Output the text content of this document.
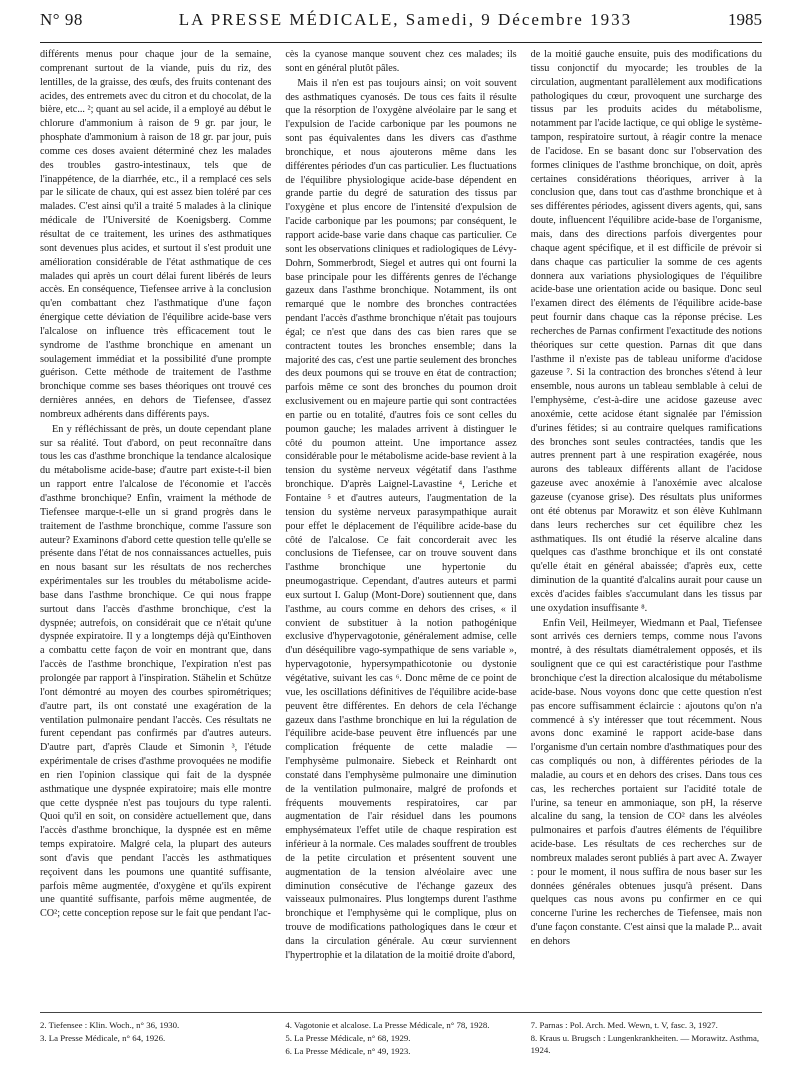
N° 98	LA PRESSE MÉDICALE, Samedi, 9 Décembre 1933	1985

différents menus pour chaque jour de la semaine, comprenant surtout de la viande, puis du riz, des lentilles, de la graisse, des œufs, des fruits contenant des acides, des entremets avec du citron et du chocolat, de la bière, etc... ²; quant au sel acide, il a employé au début le chlorure d'ammonium à raison de 9 gr. par jour, le phosphate d'ammonium à raison de 18 gr. par jour, puis comme ces doses avaient déterminé chez les malades des troubles gastro-intestinaux, tels que de l'inappétence, de la diarrhée, etc., il a remplacé ces sels par le silicate de chaux, qui est assez bien toléré par ces malades. C'est ainsi qu'il a traité 5 malades à la clinique médicale de l'Université de Koenigsberg. Comme résultat de ce traitement, les urines des asthmatiques sont devenues plus acides, et surtout il s'est produit une amélioration considérable de l'état asthmatique de ces malades qui après un court délai furent libérés de leurs accès. En conséquence, Tiefensee arrive à la conclusion qu'en combattant chez l'asthmatique d'une façon énergique cette déviation de l'équilibre acide-base vers l'alcalose on influence très efficacement tout le syndrome de l'asthme bronchique en amenant un soulagement immédiat et la possibilité d'une prompte guérison. Cette méthode de traitement de l'asthme bronchique comme ses bases théoriques ont trouvé ces dernières années, en dehors de Tiefensee, d'assez nombreux adhérents dans différents pays.

En y réfléchissant de près, un doute cependant plane sur sa réalité. Tout d'abord, on peut reconnaître dans tous les cas d'asthme bronchique la tendance alcalosique du métabolisme acide-base; d'autre part existe-t-il bien un rapport entre l'alcalose de l'économie et l'accès d'asthme bronchique? Enfin, vraiment la méthode de Tiefensee marque-t-elle un si grand progrès dans le traitement de l'asthme bronchique, comme l'assure son auteur? Examinons d'abord cette question telle qu'elle se présente dans l'état de nos connaissances actuelles, puis en nous basant sur les résultats de nos recherches expérimentales sur les troubles du métabolisme acide-base dans l'asthme bronchique. Ce qui nous frappe surtout dans l'accès d'asthme bronchique, c'est la dyspnée; autrefois, on considérait que ce n'était qu'une dyspnée expiratoire. Il y a longtemps déjà qu'Einthoven a combattu cette façon de voir en montrant que, dans l'accès de l'asthme bronchique, l'expiration n'est pas prolongée par rapport à l'inspiration. Stähelin et Schütze l'ont démontré au moyen des courbes spirométriques; d'autre part, ils ont constaté une exagération de la ventilation pulmonaire pendant l'accès. Ces résultats ne furent cependant pas confirmés par d'autres auteurs. D'autre part, d'après Claude et Simonin ³, l'étude expérimentale de crises d'asthme provoquées ne modifie en rien l'opinion classique qui fait de la dyspnée asthmatique une dyspnée expiratoire; mais elle montre que cette dyspnée n'est pas toujours du type ralenti. Quoi qu'il en soit, on considère actuellement que, dans l'accès d'asthme bronchique, la dyspnée est en même temps expiratoire. Malgré cela, la plupart des auteurs sont d'avis que pendant l'accès les asthmatiques reçoivent dans les poumons une quantité suffisante, parfois même augmentée, d'oxygène et qu'ils expirent une quantité suffisante, parfois même augmentée, de CO²; cette conception repose sur le fait que pendant l'ac-

cès la cyanose manque souvent chez ces malades; ils sont en général plutôt pâles.

Mais il n'en est pas toujours ainsi; on voit souvent des asthmatiques cyanosés. De tous ces faits il résulte que la résorption de l'oxygène alvéolaire par le sang et l'expulsion de l'acide carbonique par les poumons ne sont pas équivalentes dans les divers cas d'asthme bronchique, et nous ajouterons même dans les différentes périodes d'un cas particulier. Les fluctuations de l'équilibre physiologique acide-base dépendent en grande partie du degré de saturation des tissus par l'oxygène et plus encore de l'intensité d'expulsion de l'acide carbonique par les poumons; par conséquent, le rapport acide-base varie dans chaque cas particulier. Ce sont les observations cliniques et radiologiques de Lévy-Dohrn, Sommerbrodt, Siegel et autres qui ont fourni la base principale pour les différents genres de l'échange gazeux dans l'asthme bronchique. Notamment, ils ont remarqué que le nombre des bronches contractées pendant l'accès d'asthme bronchique n'était pas toujours égal; ce n'est que dans des cas bien rares que se contractent toutes les bronches ensemble; dans la majorité des cas, c'est une partie seulement des bronches des deux poumons qui se trouve en état de contraction; parfois même ce sont des bronches du poumon droit exclusivement ou en majeure partie qui sont contractées en partie ou en totalité, d'autres fois ce sont celles du poumon gauche; les malades arrivent à distinguer le côté du poumon atteint. Une importance assez considérable pour le métabolisme acide-base revient à la tension du système nerveux végétatif dans l'asthme bronchique. D'après Laignel-Lavastine ⁴, Leriche et Fontaine ⁵ et d'autres auteurs, l'augmentation de la tension du système nerveux parasympathique aurait pour effet le déplacement de l'équilibre acide-base du côté de l'alcalose. Ce fait concorderait avec les conclusions de Tiefensee, car on trouve souvent dans l'asthme bronchique une hypertonie du pneumogastrique. Cependant, d'autres auteurs et parmi eux surtout I. Galup (Mont-Dore) soutiennent que, dans l'asthme, au cours comme en dehors des crises, « il convient de substituer à la notion pathogénique exclusive d'hypervagotonie, généralement admise, celle d'un déséquilibre vago-sympathique de sens variable », hypervagotonie, hypersympathicotonie ou dystonie végétative, suivant les cas ⁶. Donc même de ce point de vue, les oscillations définitives de l'équilibre acide-base peuvent être différentes. En dehors de cela l'échange gazeux dans l'asthme bronchique en lui la régulation de l'équilibre acide-base peuvent être influencés par une complication fréquente de cette maladie — l'emphysème pulmonaire. Siebeck et Reinhardt ont constaté dans l'emphysème pulmonaire une diminution de la ventilation pulmonaire, malgré de profonds et fréquents mouvements respiratoires, car par augmentation de l'air résiduel dans les poumons emphysémateux l'effet utile de chaque respiration est inférieur à la normale. Ces malades souffrent de troubles de la petite circulation et présentent souvent une augmentation de la tension alvéolaire avec une diminution consécutive de l'échange gazeux des vaisseaux pulmonaires. Plus longtemps durent l'asthme bronchique et l'emphysème qui le complique, plus on trouve de modifications pathologiques dans le cœur et dans la circulation générale. Au cœur surviennent l'hypertrophie et la dilatation de la moitié droite d'abord,

de la moitié gauche ensuite, puis des modifications du tissu conjonctif du myocarde; les troubles de la circulation, augmentant parallèlement aux modifications pathologiques du cœur, provoquent une surcharge des tissus par les produits acides du métabolisme, notamment par l'acide lactique, ce qui oblige le système-tampon, respiratoire surtout, à réagir contre la menace de l'acidose. En se basant donc sur l'observation des formes cliniques de l'asthme bronchique, on doit, après certaines considérations théoriques, arriver à la conclusion que, dans tout cas d'asthme bronchique et à ses différentes périodes, agissent divers agents, qui, sans doute, influencent l'équilibre acide-base de l'organisme, mais, dans des directions parfois divergentes pour chaque agent spécifique, et il est difficile de prévoir si dans chaque cas particulier la somme de ces agents donnera aux variations physiologiques de l'équilibre acide-base une orientation acide ou basique. Donc seul l'examen direct des éléments de l'équilibre acide-base peut fournir dans chaque cas la réponse précise. Les recherches de Parnas confirment l'exactitude des notions théoriques sur cette question. Parnas dit que dans l'asthme il n'existe pas de tableau uniforme d'acidose gazeuse ⁷. Si la contraction des bronches s'étend à leur ensemble, nous aurons un tableau semblable à celui de l'emphysème, c'est-à-dire une acidose gazeuse avec anoxémie, cette acidose étant signalée par l'émission d'urines fétides; si au contraire quelques ramifications des bronches sont seules contractées, tandis que les autres prennent part à une respiration exagérée, nous aurons des tableaux différents allant de l'acidose gazeuse avec anoxémie à l'anoxémie avec alcalose gazeuse (cyanose grise). Des résultats plus uniformes ont été obtenus par Morawitz et son élève Kuhlmann dans leurs recherches sur cet équilibre chez les asthmatiques. Ils ont étudié la réserve alcaline dans quelques cas d'asthme bronchique et ils ont constaté qu'elle était en général abaissée; d'après eux, cette diminution de la quantité d'alcalins aurait pour cause un excès d'acides faibles s'accumulant dans les tissus par une oxydation insuffisante ⁸.

Enfin Veil, Heilmeyer, Wiedmann et Paal, Tiefensee sont arrivés ces derniers temps, comme nous l'avons montré, à des résultats diamétralement opposés, et ils soulignent que ce qui est caractéristique pour l'asthme bronchique c'est la direction alcalosique du métabolisme acide-base. Nous voyons donc que cette question n'est pas encore suffisamment éclaircie : ajoutons qu'on n'a commencé à s'y intéresser que tout récemment. Nous avons donc examiné le rapport acide-base dans l'organisme d'un certain nombre d'asthmatiques pour des cas compliqués ou non, à différentes périodes de la maladie, au cours et en dehors des crises. Dans tous ces cas, les recherches portaient sur l'acidité totale de l'urine, sa teneur en ammoniaque, son pH, la réserve alcaline du sang, la tension de CO² dans les alvéoles pulmonaires et parfois d'autres éléments de l'équilibre acide-base. Les résultats de ces recherches sur de nombreux malades seront publiés à part avec A. Zwayer : pour le moment, il nous suffira de nous baser sur les données générales obtenues jusqu'à présent. Dans quelques cas nous avons pu confirmer en ce qui concerne l'urine les recherches de Tiefensee, mais non d'une façon constante. C'est ainsi que la malade P... avait en dehors

2. Tiefensee : Klin. Woch., n° 36, 1930.
3. La Presse Médicale, n° 64, 1926.
4. Vagotonie et alcalose. La Presse Médicale, n° 78, 1928.
5. La Presse Médicale, n° 68, 1929.
6. La Presse Médicale, n° 49, 1923.
7. Parnas : Pol. Arch. Med. Wewn, t. V, fasc. 3, 1927.
8. Kraus u. Brugsch : Lungenkrankheiten. — Morawitz. Asthma, 1924.
